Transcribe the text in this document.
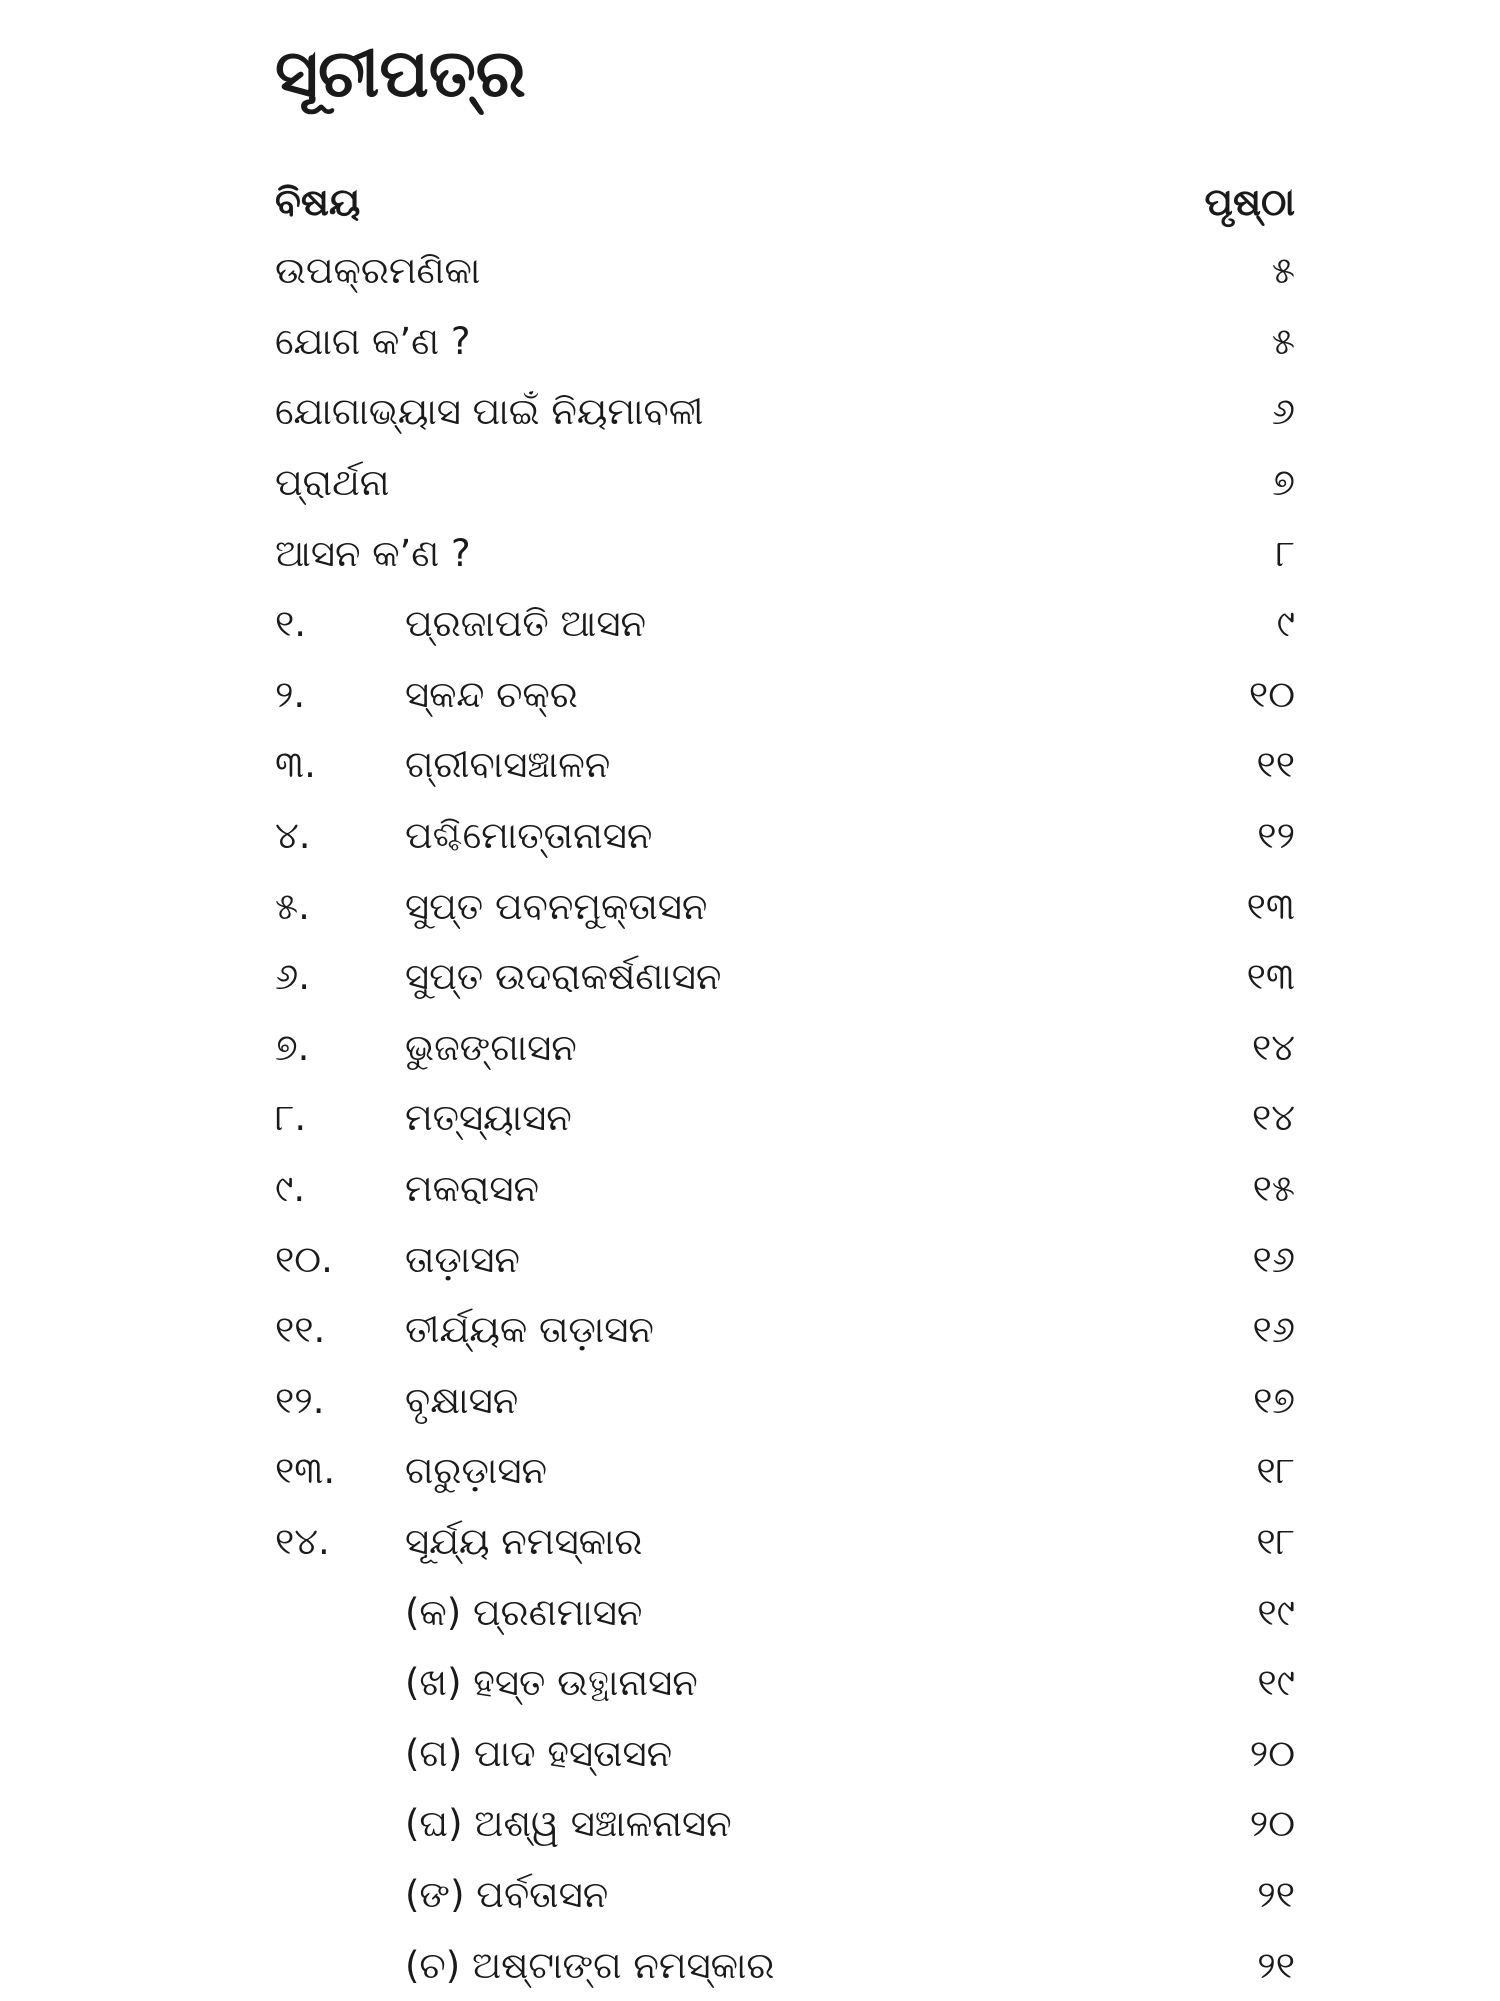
ସୂଚୀପତ୍ର
ବିଷୟ	ପୃଷ୍ଠା
ଉପକ୍ରମଣିକା	୫
ଯୋଗ କ’ଣ ?	୫
ଯୋଗାଭ୍ୟାସ ପାଇଁ ନିୟମାବଳୀ	୬
ପ୍ରାର୍ଥନା	୭
ଆସନ କ’ଣ ?	୮
୧.	ପ୍ରଜାପତି ଆସନ	୯
୨.	ସ୍କନ୍ଦ ଚକ୍ର	୧୦
୩.	ଗ୍ରୀବାସଞ୍ଚାଳନ	୧୧
୪.	ପଶ୍ଚିମୋତ୍ତାନାସନ	୧୨
୫.	ସୁପ୍ତ ପବନମୁକ୍ତାସନ	୧୩
୬.	ସୁପ୍ତ ଉଦରାକର୍ଷଣାସନ	୧୩
୭.	ଭୁଜଙ୍ଗାସନ	୧୪
୮.	ମତ୍ସ୍ୟାସନ	୧୪
୯.	ମକରାସନ	୧୫
୧୦.	ତାଡ଼ାସନ	୧୬
୧୧.	ତୀର୍ଯ୍ୟକ ତାଡ଼ାସନ	୧୬
୧୨.	ବୃକ୍ଷାସନ	୧୭
୧୩.	ଗରୁଡ଼ାସନ	୧୮
୧୪.	ସୂର୍ଯ୍ୟ ନମସ୍କାର	୧୮
(କ) ପ୍ରଣମାସନ	୧୯
(ଖ) ହସ୍ତ ଉତ୍ଥାନାସନ	୧୯
(ଗ) ପାଦ ହସ୍ତାସନ	୨୦
(ଘ) ଅଶ୍ୱ ସଞ୍ଚାଳନାସନ	୨୦
(ଙ) ପର୍ବତାସନ	୨୧
(ଚ) ଅଷ୍ଟାଙ୍ଗ ନମସ୍କାର	୨୧
